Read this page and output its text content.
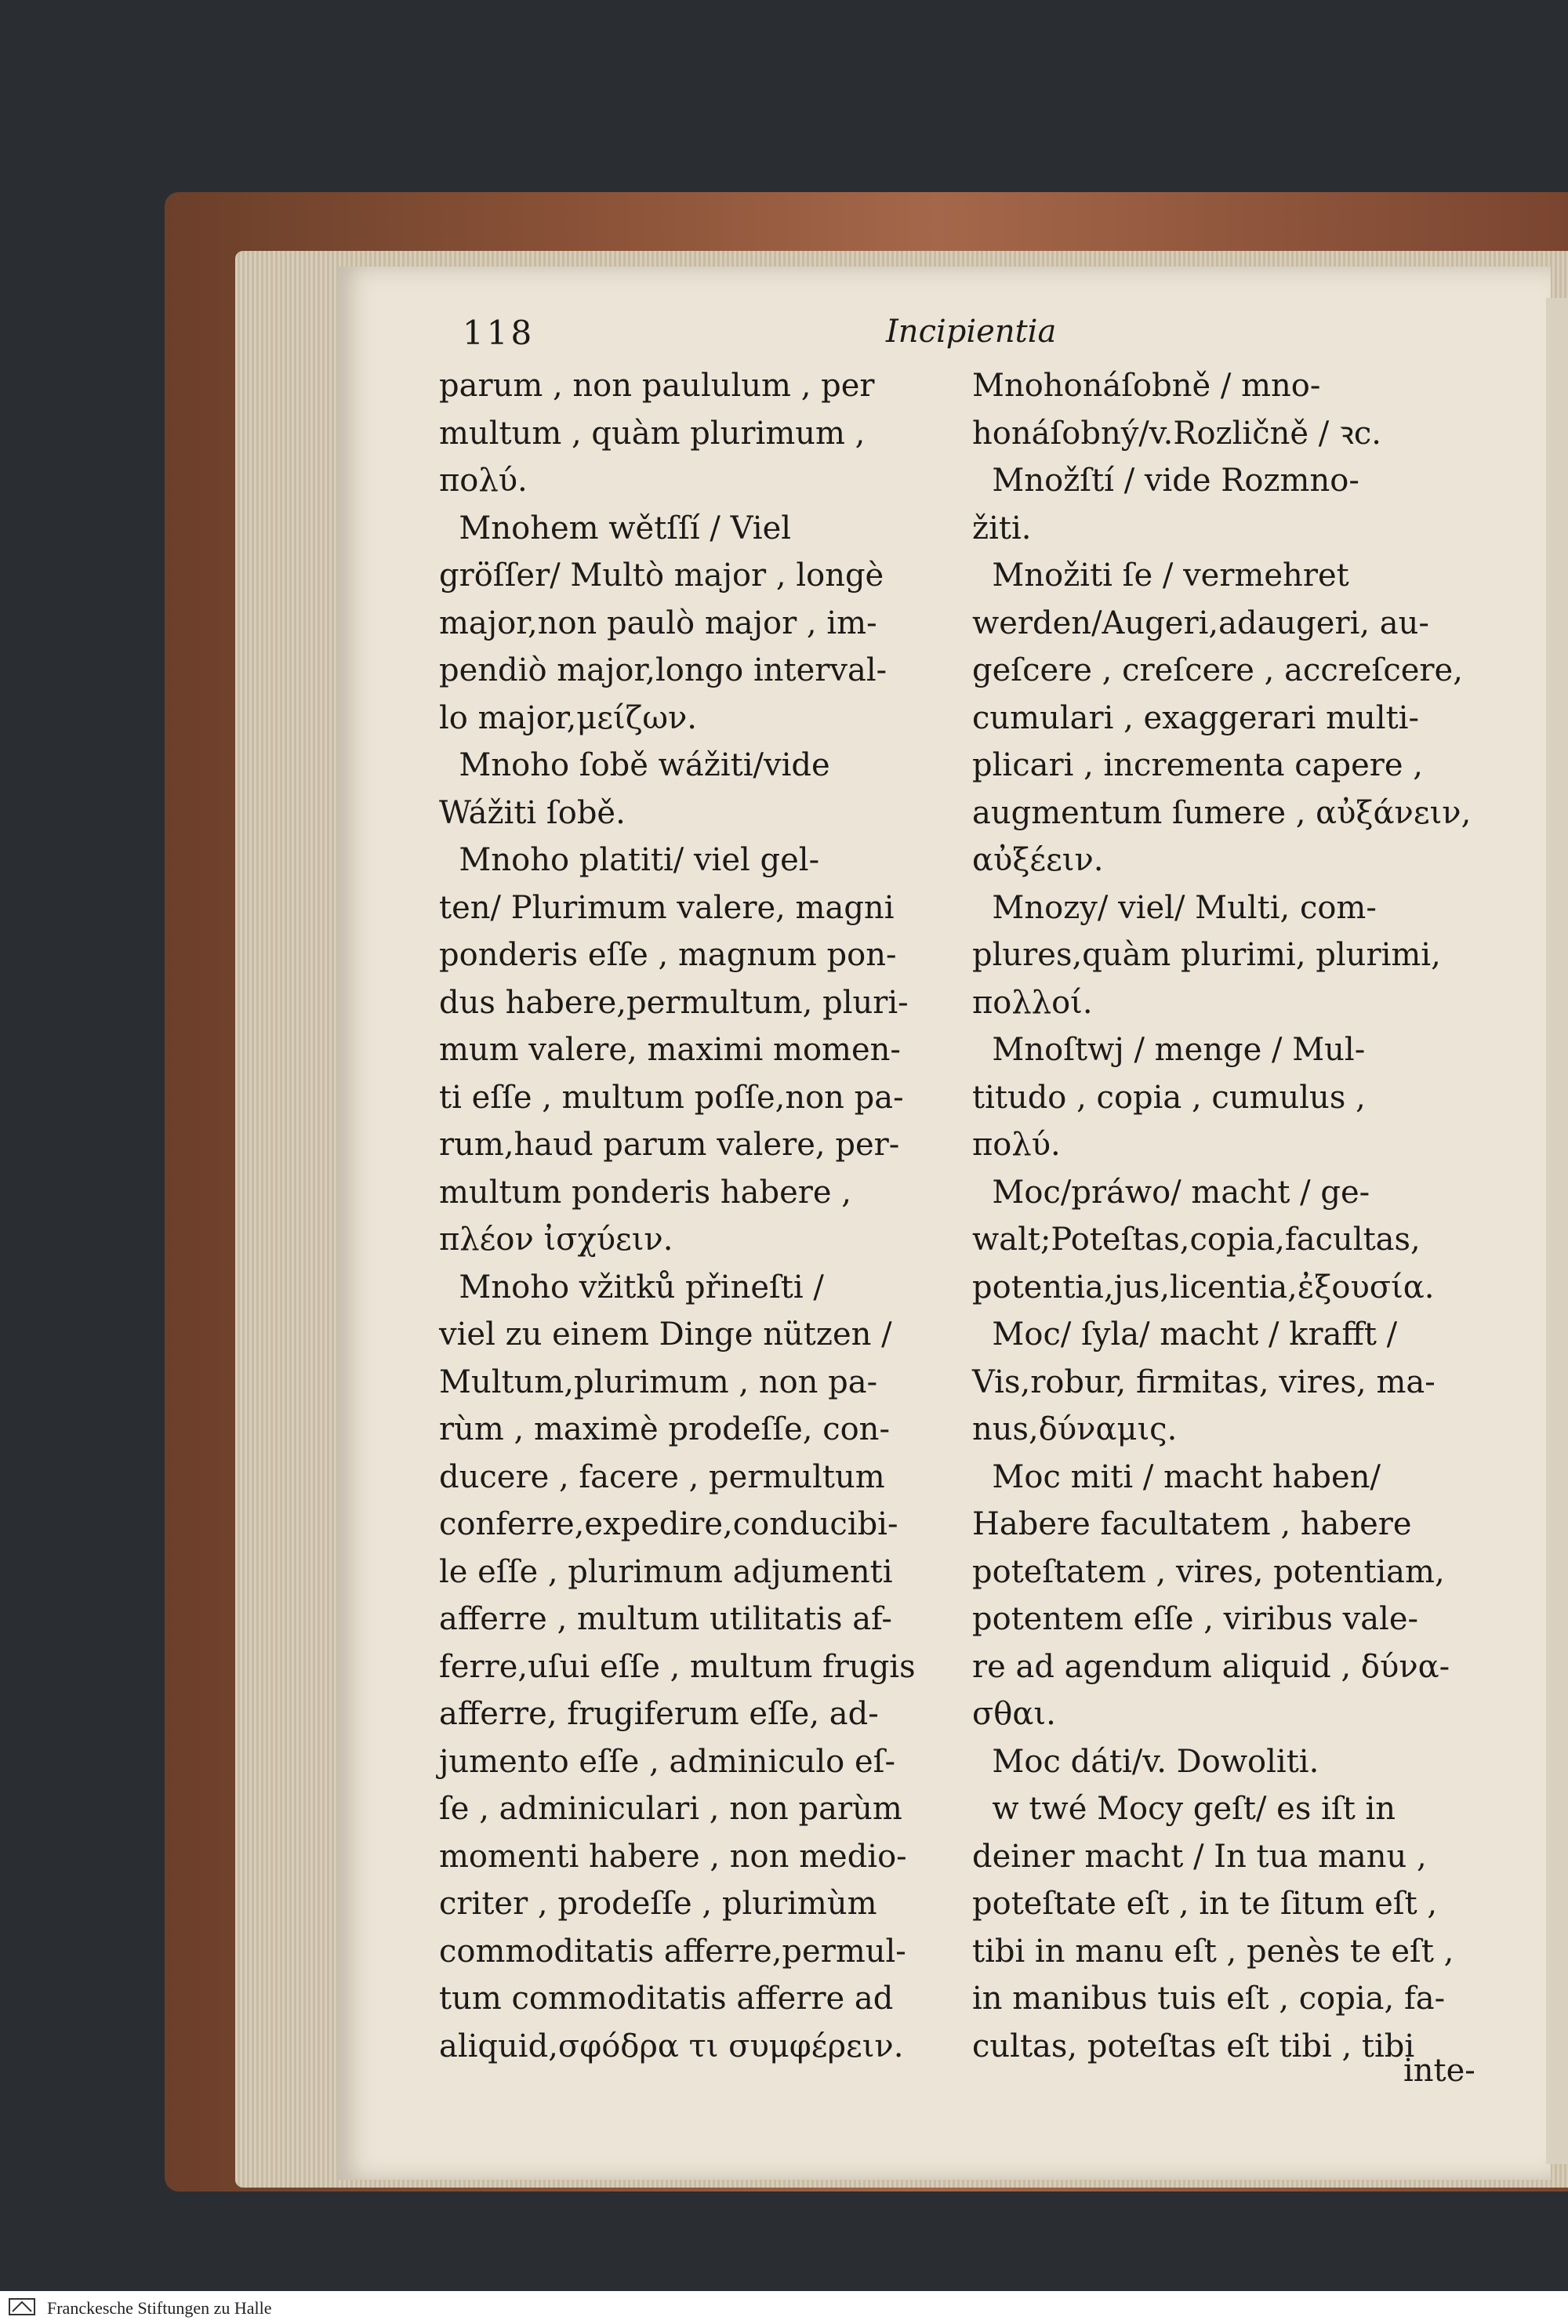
118	Incipientia
parum , non paululum , per
multum , quàm plurimum ,
πολύ.
Mnohem wětſſí / Viel
gröſſer/ Multò major , longè
major,non paulò major , im-
pendiò major,longo interval-
lo major,μείζων.
Mnoho ſobě wážiti/vide
Wážiti ſobě.
Mnoho platiti/ viel gel-
ten/ Plurimum valere, magni
ponderis eſſe , magnum pon-
dus habere,permultum, pluri-
mum valere, maximi momen-
ti eſſe , multum poſſe,non pa-
rum,haud parum valere, per-
multum ponderis habere ,
πλέον ἰσχύειν.
Mnoho vžitků přineſti /
viel zu einem Dinge nützen /
Multum,plurimum , non pa-
rùm , maximè prodeſſe, con-
ducere , facere , permultum
conferre,expedire,conducibi-
le eſſe , plurimum adjumenti
afferre , multum utilitatis af-
ferre,uſui eſſe , multum frugis
afferre, frugiferum eſſe, ad-
jumento eſſe , adminiculo eſ-
ſe , adminiculari , non parùm
momenti habere , non medio-
criter , prodeſſe , plurimùm
commoditatis afferre,permul-
tum commoditatis afferre ad
aliquid,σφόδρα τι συμφέρειν.
Mnohonáſobně / mno-
honáſobný/v.Rozličně / ꝛc.
Množſtí / vide Rozmno-
žiti.
Množiti ſe / vermehret
werden/Augeri,adaugeri, au-
geſcere , creſcere , accreſcere,
cumulari , exaggerari multi-
plicari , incrementa capere ,
augmentum ſumere , αὐξάνειν,
αὐξέειν.
Mnozy/ viel/ Multi, com-
plures,quàm plurimi, plurimi,
πολλοί.
Mnoſtwj / menge / Mul-
titudo , copia , cumulus ,
πολύ.
Moc/práwo/ macht / ge-
walt;Poteſtas,copia,facultas,
potentia,jus,licentia,ἐξουσία.
Moc/ ſyla/ macht / krafft /
Vis,robur, firmitas, vires, ma-
nus,δύναμις.
Moc miti / macht haben/
Habere facultatem , habere
poteſtatem , vires, potentiam,
potentem eſſe , viribus vale-
re ad agendum aliquid , δύνα-
σθαι.
Moc dáti/v. Dowoliti.
w twé Mocy geſt/ es iſt in
deiner macht / In tua manu ,
poteſtate eſt , in te ſitum eſt ,
tibi in manu eſt , penès te eſt ,
in manibus tuis eſt , copia, fa-
cultas, poteſtas eſt tibi , tibi
inte-
Franckesche Stiftungen zu Halle
